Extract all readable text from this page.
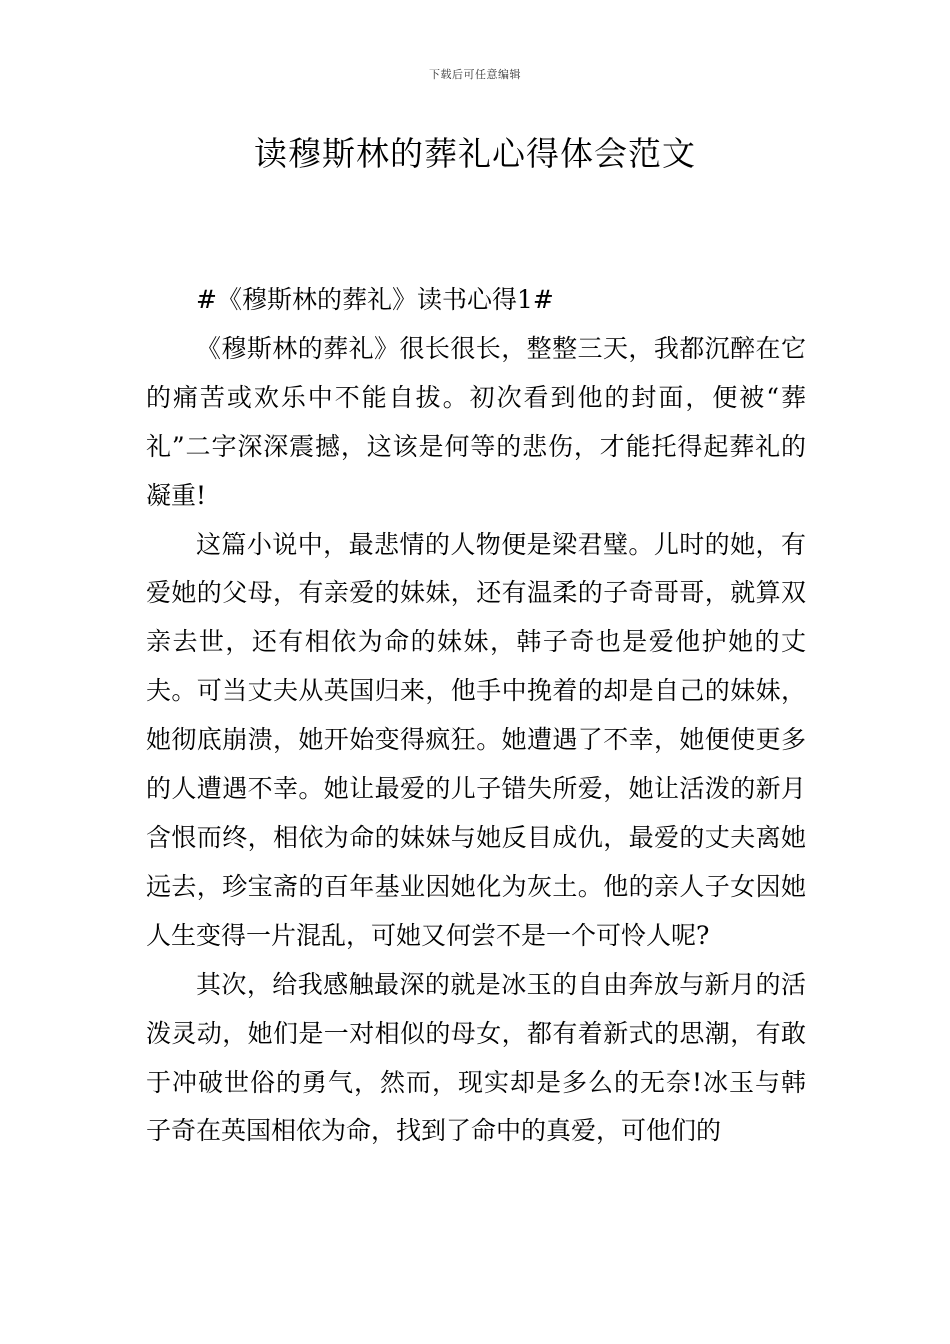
下载后可任意编辑
读穆斯林的葬礼心得体会范文

#《穆斯林的葬礼》读书心得1#

《穆斯林的葬礼》很长很长，整整三天，我都沉醉在它的痛苦或欢乐中不能自拔。初次看到他的封面，便被“葬礼”二字深深震撼，这该是何等的悲伤，才能托得起葬礼的凝重!

这篇小说中，最悲情的人物便是梁君璧。儿时的她，有爱她的父母，有亲爱的妹妹，还有温柔的子奇哥哥，就算双亲去世，还有相依为命的妹妹，韩子奇也是爱他护她的丈夫。可当丈夫从英国归来，他手中挽着的却是自己的妹妹，她彻底崩溃，她开始变得疯狂。她遭遇了不幸，她便使更多的人遭遇不幸。她让最爱的儿子错失所爱，她让活泼的新月含恨而终，相依为命的妹妹与她反目成仇，最爱的丈夫离她远去，珍宝斋的百年基业因她化为灰土。他的亲人子女因她人生变得一片混乱，可她又何尝不是一个可怜人呢?

其次，给我感触最深的就是冰玉的自由奔放与新月的活泼灵动，她们是一对相似的母女，都有着新式的思潮，有敢于冲破世俗的勇气，然而，现实却是多么的无奈!冰玉与韩子奇在英国相依为命，找到了命中的真爱，可他们的
